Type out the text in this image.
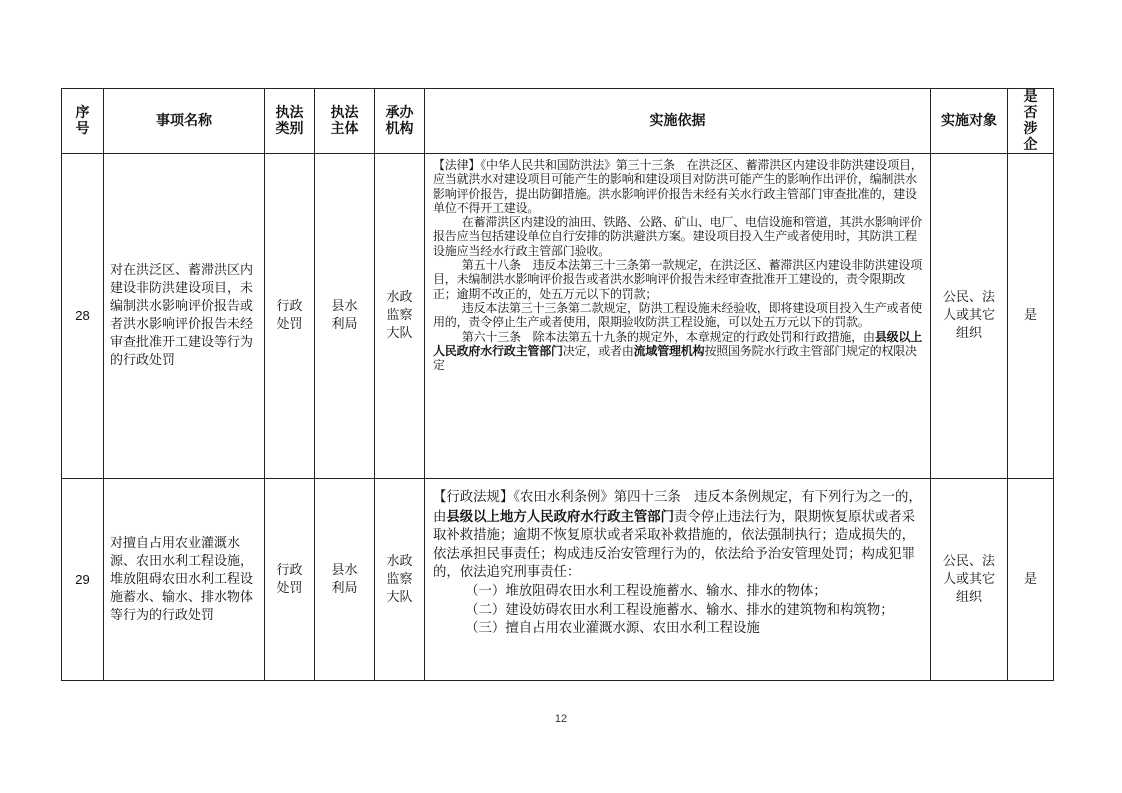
序号	事项名称	执法类别	执法主体	承办机构	实施依据	实施对象	是否涉企
28	对在洪泛区、蓄滞洪区内建设非防洪建设项目，未编制洪水影响评价报告或者洪水影响评价报告未经审查批准开工建设等行为的行政处罚	行政处罚	县水利局	水政监察大队	【法律】《中华人民共和国防洪法》第三十三条　在洪泛区、蓄滞洪区内建设非防洪建设项目，应当就洪水对建设项目可能产生的影响和建设项目对防洪可能产生的影响作出评价，编制洪水影响评价报告，提出防御措施。洪水影响评价报告未经有关水行政主管部门审查批准的，建设单位不得开工建设。

在蓄滞洪区内建设的油田、铁路、公路、矿山、电厂、电信设施和管道，其洪水影响评价报告应当包括建设单位自行安排的防洪避洪方案。建设项目投入生产或者使用时，其防洪工程设施应当经水行政主管部门验收。

第五十八条　违反本法第三十三条第一款规定，在洪泛区、蓄滞洪区内建设非防洪建设项目，未编制洪水影响评价报告或者洪水影响评价报告未经审查批准开工建设的，责令限期改正；逾期不改正的，处五万元以下的罚款；

违反本法第三十三条第二款规定，防洪工程设施未经验收，即将建设项目投入生产或者使用的，责令停止生产或者使用，限期验收防洪工程设施，可以处五万元以下的罚款。

第六十三条　除本法第五十九条的规定外，本章规定的行政处罚和行政措施，由县级以上人民政府水行政主管部门决定，或者由流域管理机构按照国务院水行政主管部门规定的权限决定	公民、法人或其它组织	是
29	对擅自占用农业灌溉水源、农田水利工程设施，堆放阻碍农田水利工程设施蓄水、输水、排水物体等行为的行政处罚	行政处罚	县水利局	水政监察大队	【行政法规】《农田水利条例》第四十三条　违反本条例规定，有下列行为之一的，由县级以上地方人民政府水行政主管部门责令停止违法行为，限期恢复原状或者采取补救措施；逾期不恢复原状或者采取补救措施的，依法强制执行；造成损失的，依法承担民事责任；构成违反治安管理行为的，依法给予治安管理处罚；构成犯罪的，依法追究刑事责任：

（一）堆放阻碍农田水利工程设施蓄水、输水、排水的物体；

（二）建设妨碍农田水利工程设施蓄水、输水、排水的建筑物和构筑物；

（三）擅自占用农业灌溉水源、农田水利工程设施	公民、法人或其它组织	是
12
